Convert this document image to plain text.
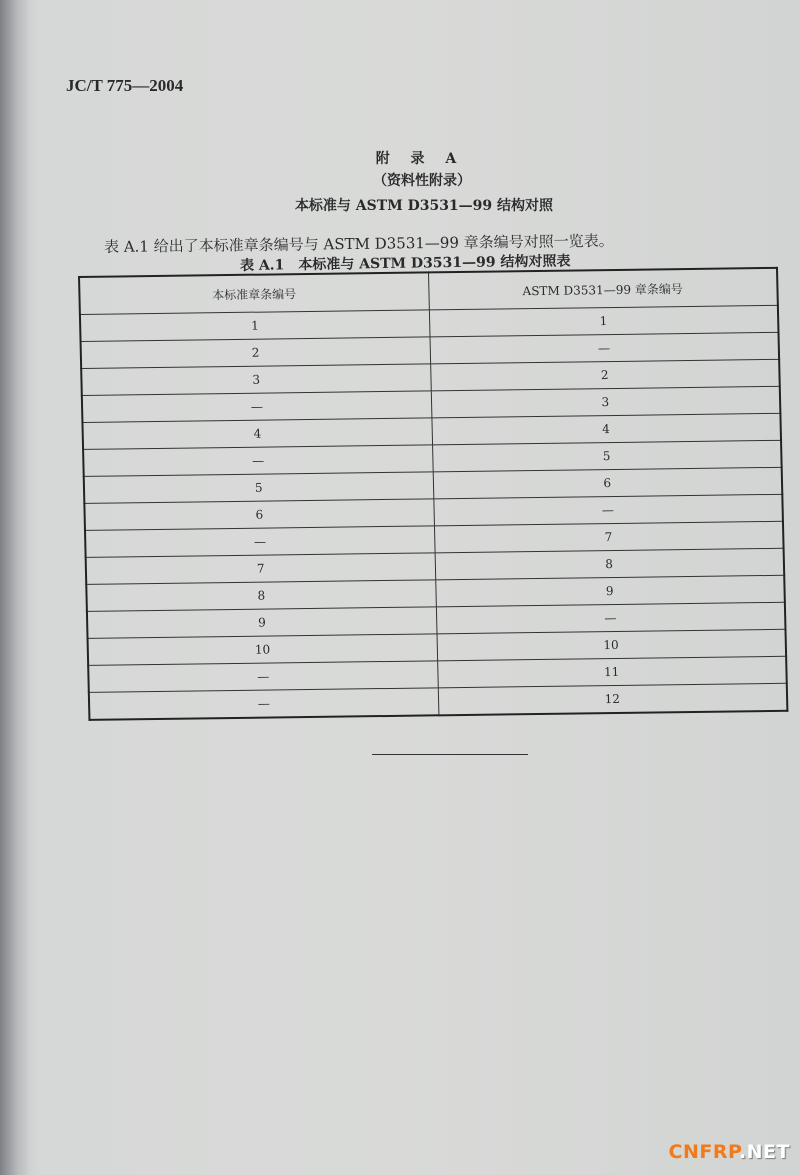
JC/T 775—2004
附 录 A
（资料性附录）
本标准与 ASTM D3531—99 结构对照
表 A.1 给出了本标准章条编号与 ASTM D3531—99 章条编号对照一览表。
表 A.1　本标准与 ASTM D3531—99 结构对照表
本标准章条编号	ASTM D3531—99 章条编号
1	1
2	—
3	2
—	3
4	4
—	5
5	6
6	—
—	7
7	8
8	9
9	—
10	10
—	11
—	12
CNFRP.NET
